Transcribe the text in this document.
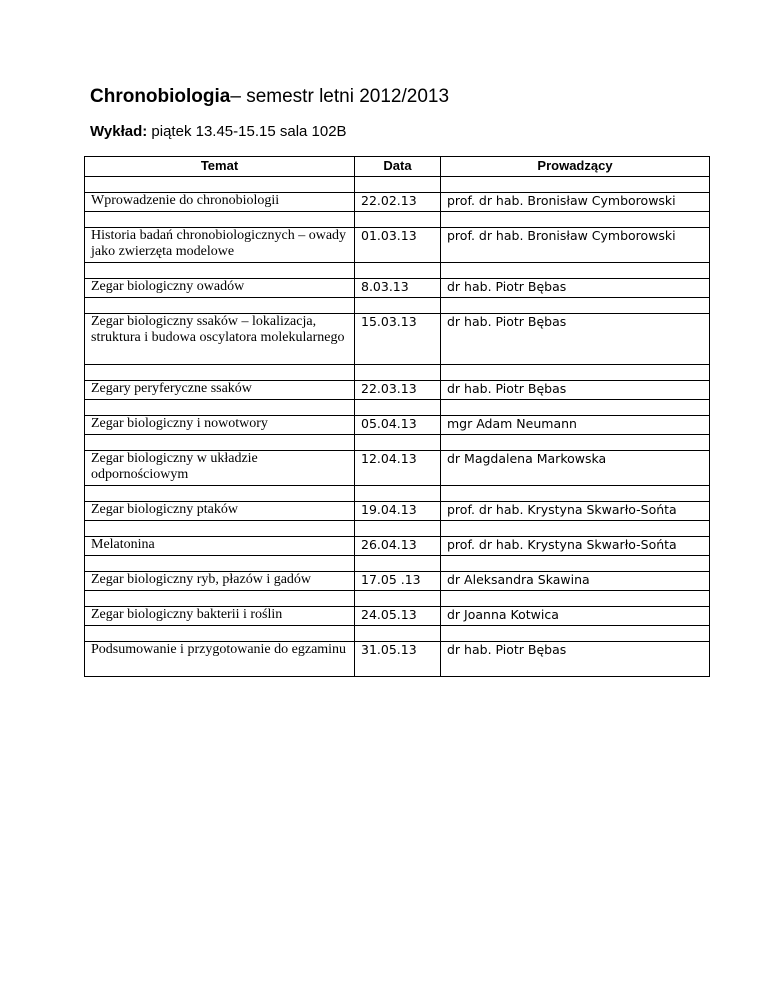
Chronobiologia– semestr letni 2012/2013
Wykład: piątek 13.45-15.15 sala 102B
Temat	Data	Prowadzący

Wprowadzenie do chronobiologii	22.02.13	prof. dr hab. Bronisław Cymborowski

Historia badań chronobiologicznych – owady jako zwierzęta modelowe	01.03.13	prof. dr hab. Bronisław Cymborowski

Zegar biologiczny owadów	8.03.13	dr hab. Piotr Bębas

Zegar biologiczny ssaków – lokalizacja, struktura i budowa oscylatora molekularnego	15.03.13	dr hab. Piotr Bębas

Zegary peryferyczne ssaków	22.03.13	dr hab. Piotr Bębas

Zegar biologiczny i nowotwory	05.04.13	mgr Adam Neumann

Zegar biologiczny w układzie odpornościowym	12.04.13	dr Magdalena Markowska

Zegar biologiczny ptaków	19.04.13	prof. dr hab. Krystyna Skwarło-Sońta

Melatonina	26.04.13	prof. dr hab. Krystyna Skwarło-Sońta

Zegar biologiczny ryb, płazów i gadów	17.05 .13	dr Aleksandra Skawina

Zegar biologiczny bakterii i roślin	24.05.13	dr Joanna Kotwica

Podsumowanie i przygotowanie do egzaminu	31.05.13	dr hab. Piotr Bębas
